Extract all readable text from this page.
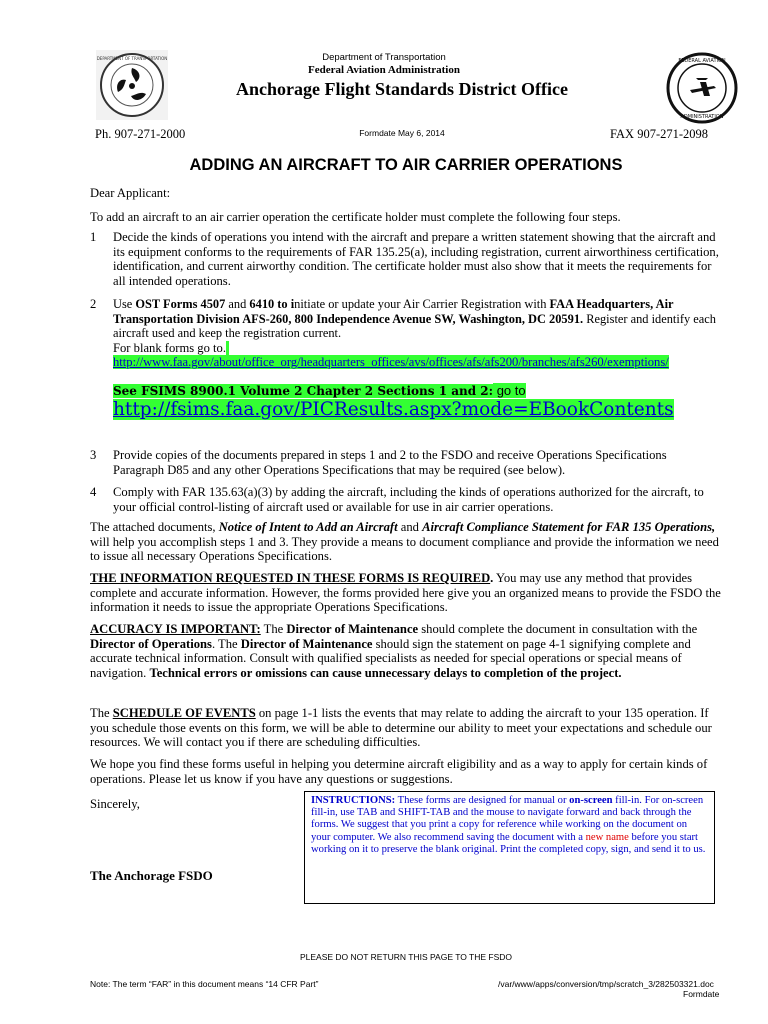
DEPARTMENT OF TRANSPORTATION	FEDERAL AVIATION
ADMINISTRATION
Department of Transportation
Federal Aviation Administration
Anchorage Flight Standards District Office
Ph. 907-271-2000	Formdate May 6, 2014	FAX 907-271-2098
ADDING AN AIRCRAFT TO AIR CARRIER OPERATIONS
Dear Applicant:
To add an aircraft to an air carrier operation the certificate holder must complete the following four steps.
1 Decide the kinds of operations you intend with the aircraft and prepare a written statement showing that the aircraft and its equipment conforms to the requirements of FAR 135.25(a), including registration, current airworthiness certification, identification, and current airworthy condition. The certificate holder must also show that it meets the requirements for all intended operations.

2 Use OST Forms 4507 and 6410 to initiate or update your Air Carrier Registration with FAA Headquarters, Air Transportation Division AFS-260, 800 Independence Avenue SW, Washington, DC 20591. Register and identify each aircraft used and keep the registration current.

For blank forms go to.

http://www.faa.gov/about/office_org/headquarters_offices/avs/offices/afs/afs200/branches/afs260/exemptions/

See FSIMS 8900.1 Volume 2 Chapter 2 Sections 1 and 2: go to

http://fsims.faa.gov/PICResults.aspx?mode=EBookContents

3 Provide copies of the documents prepared in steps 1 and 2 to the FSDO and receive Operations Specifications Paragraph D85 and any other Operations Specifications that may be required (see below).

4 Comply with FAR 135.63(a)(3) by adding the aircraft, including the kinds of operations authorized for the aircraft, to your official control-listing of aircraft used or available for use in air carrier operations.

The attached documents, Notice of Intent to Add an Aircraft and Aircraft Compliance Statement for FAR 135 Operations, will help you accomplish steps 1 and 3. They provide a means to document compliance and provide the information we need to issue all necessary Operations Specifications.

THE INFORMATION REQUESTED IN THESE FORMS IS REQUIRED. You may use any method that provides complete and accurate information. However, the forms provided here give you an organized means to provide the FSDO the information it needs to issue the appropriate Operations Specifications.

ACCURACY IS IMPORTANT: The Director of Maintenance should complete the document in consultation with the Director of Operations. The Director of Maintenance should sign the statement on page 4-1 signifying complete and accurate technical information. Consult with qualified specialists as needed for special operations or special means of navigation. Technical errors or omissions can cause unnecessary delays to completion of the project.

The SCHEDULE OF EVENTS on page 1-1 lists the events that may relate to adding the aircraft to your 135 operation. If you schedule those events on this form, we will be able to determine our ability to meet your expectations and schedule our resources. We will contact you if there are scheduling difficulties.

We hope you find these forms useful in helping you determine aircraft eligibility and as a way to apply for certain kinds of operations. Please let us know if you have any questions or suggestions.

Sincerely,
The Anchorage FSDO

INSTRUCTIONS: These forms are designed for manual or on-screen fill-in. For on-screen fill-in, use TAB and SHIFT-TAB and the mouse to navigate forward and back through the forms. We suggest that you print a copy for reference while working on the document on your computer. We also recommend saving the document with a new name before you start working on it to preserve the blank original. Print the completed copy, sign, and send it to us.

PLEASE DO NOT RETURN THIS PAGE TO THE FSDO
Note: The term “FAR” in this document means “14 CFR Part”	/var/www/apps/conversion/tmp/scratch_3/282503321.doc
Formdate
